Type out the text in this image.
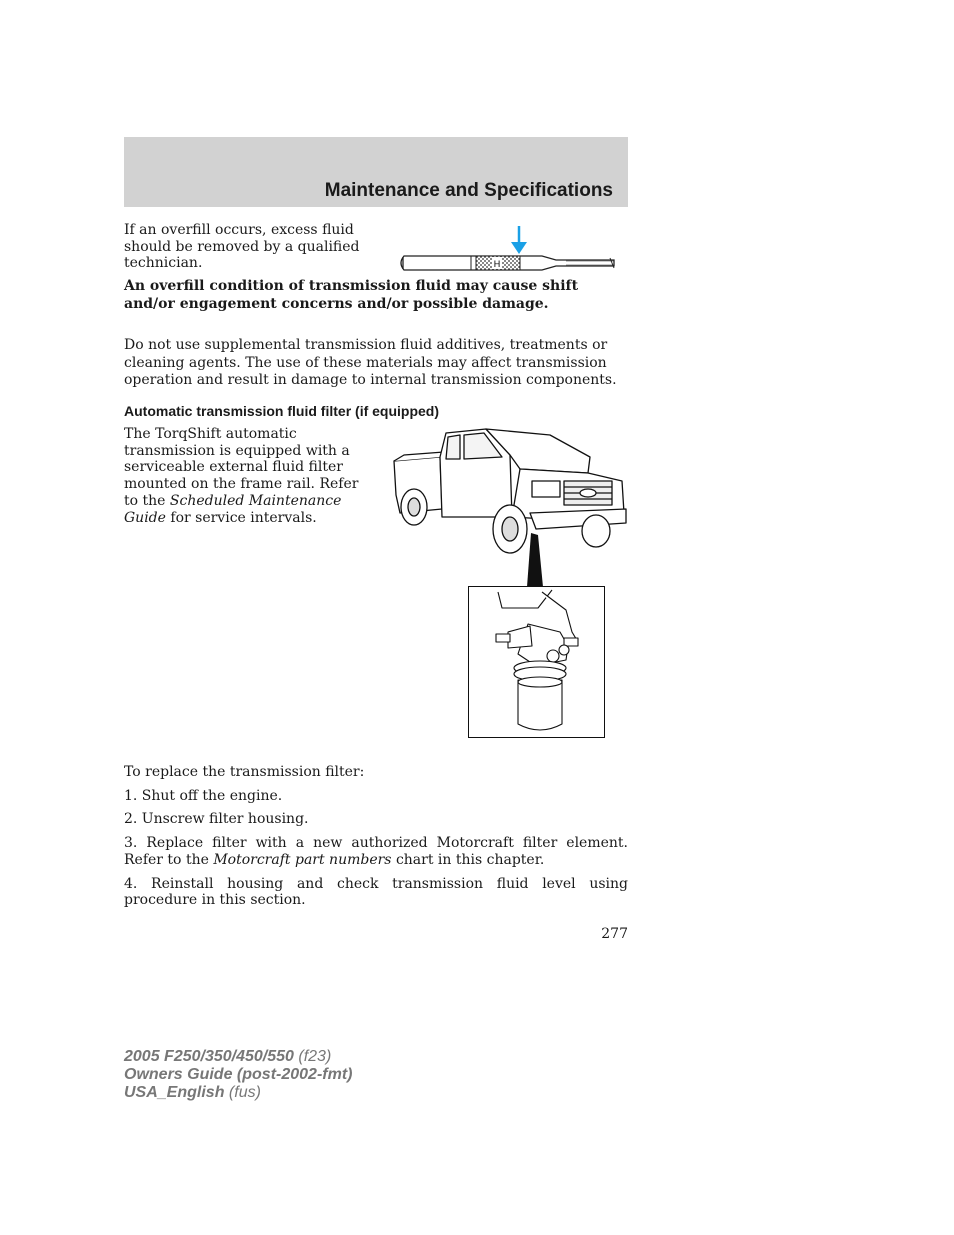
Maintenance and Specifications
If an overfill occurs, excess fluid should be removed by a qualified technician.	H
An overfill condition of transmission fluid may cause shift and/or engagement concerns and/or possible damage.
Do not use supplemental transmission fluid additives, treatments or cleaning agents. The use of these materials may affect transmission operation and result in damage to internal transmission components.
Automatic transmission fluid filter (if equipped)
The TorqShift automatic transmission is equipped with a serviceable external fluid filter mounted on the frame rail. Refer to the Scheduled Maintenance Guide for service intervals.

To replace the transmission filter:

1. Shut off the engine.

2. Unscrew filter housing.

3. Replace filter with a new authorized Motorcraft filter element. Refer to the Motorcraft part numbers chart in this chapter.

4. Reinstall housing and check transmission fluid level using procedure in this section.

277
2005 F250/350/450/550 (f23)
Owners Guide (post-2002-fmt)
USA_English (fus)
